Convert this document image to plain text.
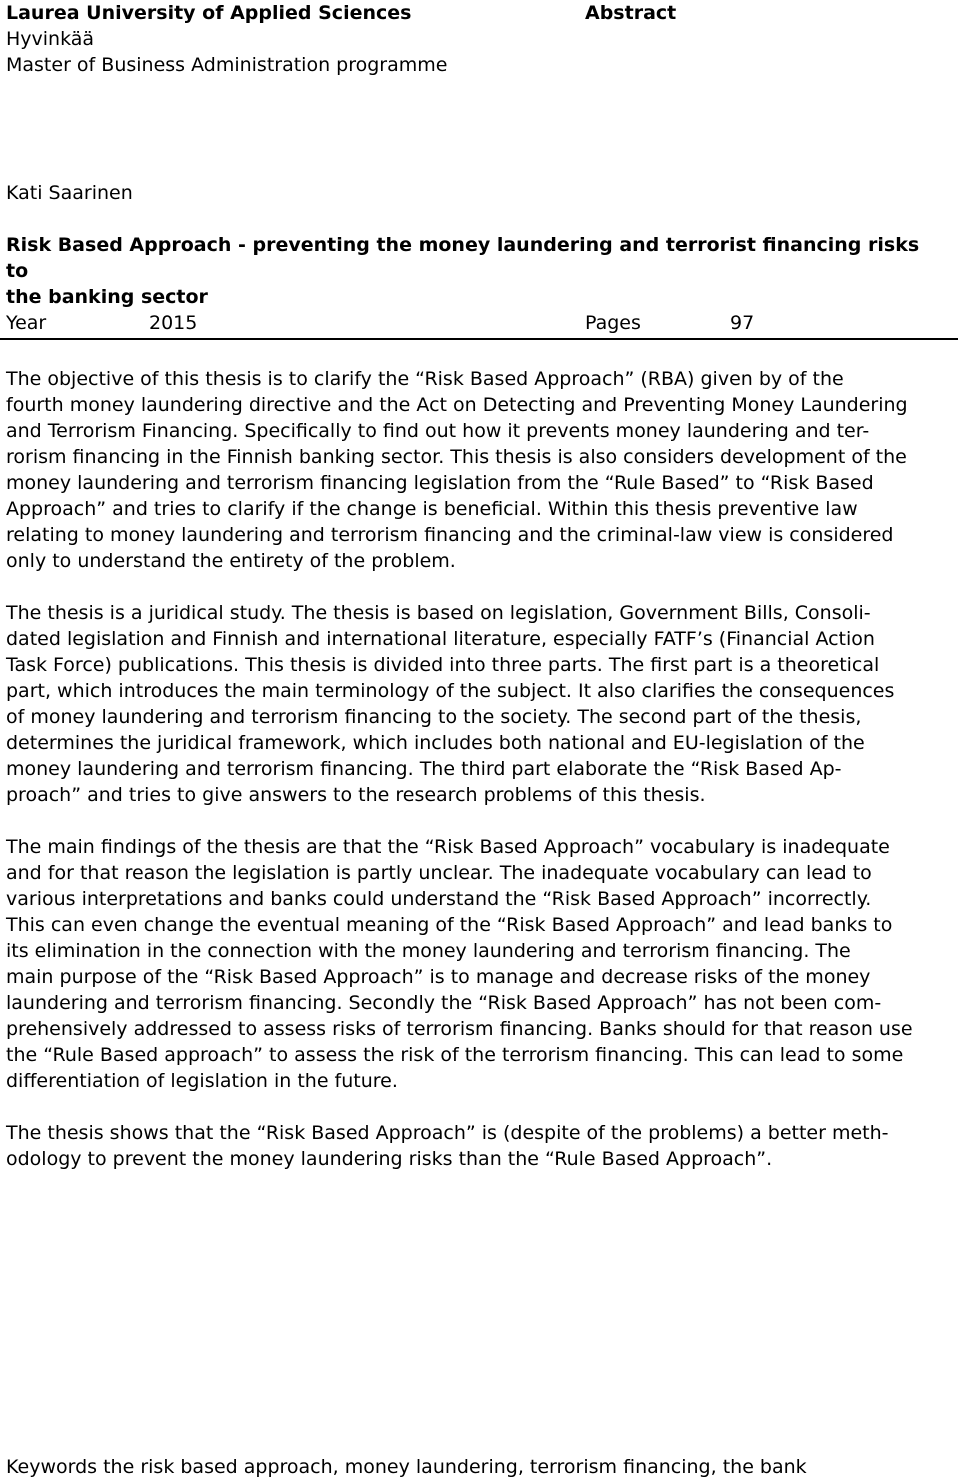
Laurea University of Applied Sciences
Hyvinkää
Master of Business Administration programme
Abstract
Kati Saarinen
Risk Based Approach - preventing the money laundering and terrorist financing risks to
the banking sector
Year	2015	Pages	97

The objective of this thesis is to clarify the “Risk Based Approach” (RBA) given by of the
fourth money laundering directive and the Act on Detecting and Preventing Money Laundering
and Terrorism Financing. Specifically to find out how it prevents money laundering and ter-
rorism financing in the Finnish banking sector. This thesis is also considers development of the
money laundering and terrorism financing legislation from the “Rule Based” to “Risk Based
Approach” and tries to clarify if the change is beneficial. Within this thesis preventive law
relating to money laundering and terrorism financing and the criminal-law view is considered
only to understand the entirety of the problem.

The thesis is a juridical study. The thesis is based on legislation, Government Bills, Consoli-
dated legislation and Finnish and international literature, especially FATF’s (Financial Action
Task Force) publications. This thesis is divided into three parts. The first part is a theoretical
part, which introduces the main terminology of the subject. It also clarifies the consequences
of money laundering and terrorism financing to the society. The second part of the thesis,
determines the juridical framework, which includes both national and EU-legislation of the
money laundering and terrorism financing. The third part elaborate the “Risk Based Ap-
proach” and tries to give answers to the research problems of this thesis.

The main findings of the thesis are that the “Risk Based Approach” vocabulary is inadequate
and for that reason the legislation is partly unclear. The inadequate vocabulary can lead to
various interpretations and banks could understand the “Risk Based Approach” incorrectly.
This can even change the eventual meaning of the “Risk Based Approach” and lead banks to
its elimination in the connection with the money laundering and terrorism financing. The
main purpose of the “Risk Based Approach” is to manage and decrease risks of the money
laundering and terrorism financing. Secondly the “Risk Based Approach” has not been com-
prehensively addressed to assess risks of terrorism financing. Banks should for that reason use
the “Rule Based approach” to assess the risk of the terrorism financing. This can lead to some
differentiation of legislation in the future.

The thesis shows that the “Risk Based Approach” is (despite of the problems) a better meth-
odology to prevent the money laundering risks than the “Rule Based Approach”.

Keywords the risk based approach, money laundering, terrorism financing, the bank
